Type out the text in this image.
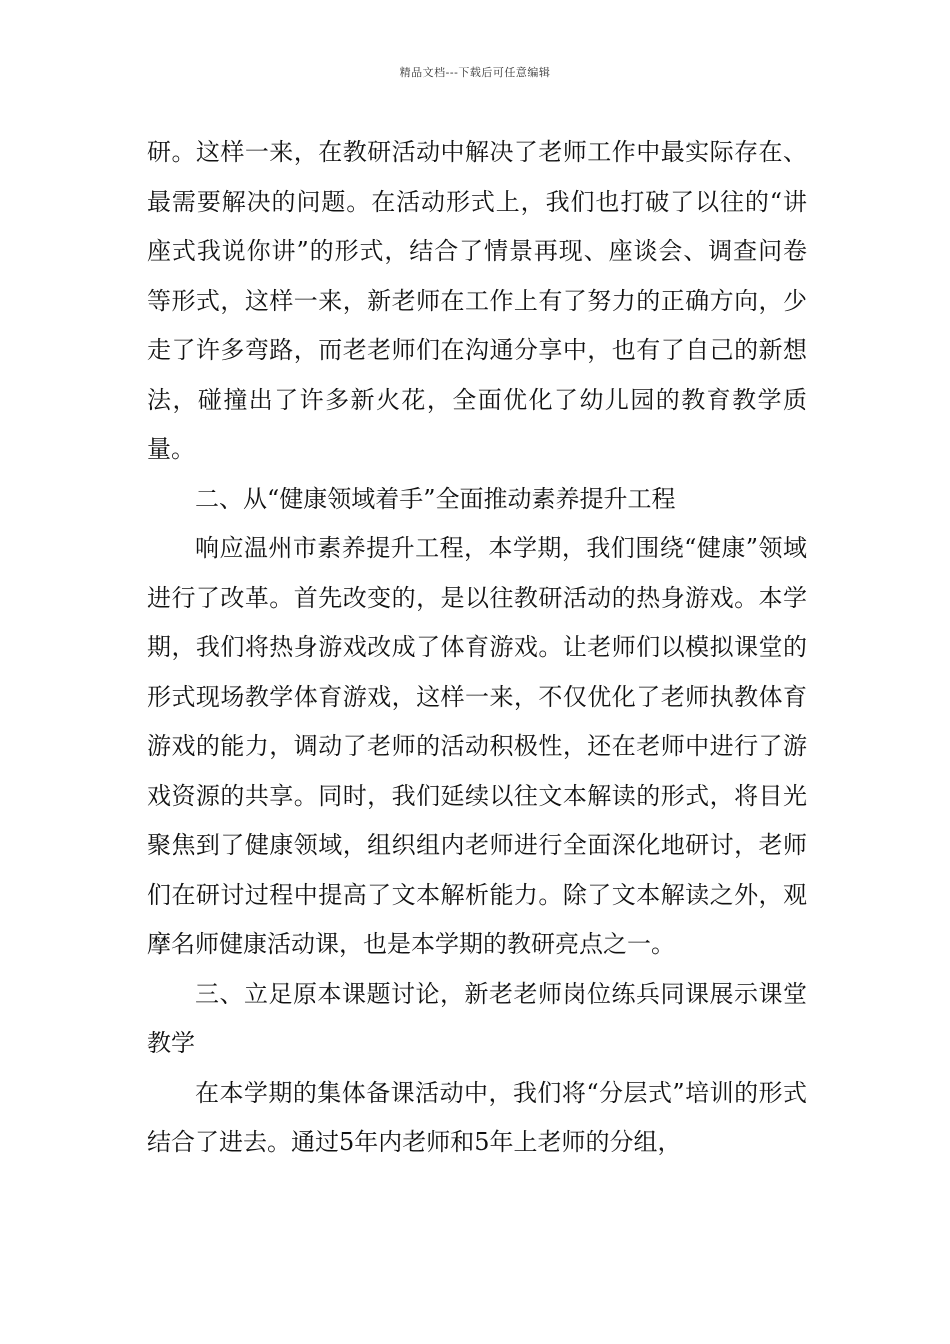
精品文档---下载后可任意编辑

研。这样一来，在教研活动中解决了老师工作中最实际存在、最需要解决的问题。在活动形式上，我们也打破了以往的“讲座式我说你讲”的形式，结合了情景再现、座谈会、调查问卷等形式，这样一来，新老师在工作上有了努力的正确方向，少走了许多弯路，而老老师们在沟通分享中，也有了自己的新想法，碰撞出了许多新火花，全面优化了幼儿园的教育教学质量。

二、从“健康领域着手”全面推动素养提升工程

响应温州市素养提升工程，本学期，我们围绕“健康”领域进行了改革。首先改变的，是以往教研活动的热身游戏。本学期，我们将热身游戏改成了体育游戏。让老师们以模拟课堂的形式现场教学体育游戏，这样一来，不仅优化了老师执教体育游戏的能力，调动了老师的活动积极性，还在老师中进行了游戏资源的共享。同时，我们延续以往文本解读的形式，将目光聚焦到了健康领域，组织组内老师进行全面深化地研讨，老师们在研讨过程中提高了文本解析能力。除了文本解读之外，观摩名师健康活动课，也是本学期的教研亮点之一。

三、立足原本课题讨论，新老老师岗位练兵同课展示课堂教学

在本学期的集体备课活动中，我们将“分层式”培训的形式结合了进去。通过5年内老师和5年上老师的分组，
